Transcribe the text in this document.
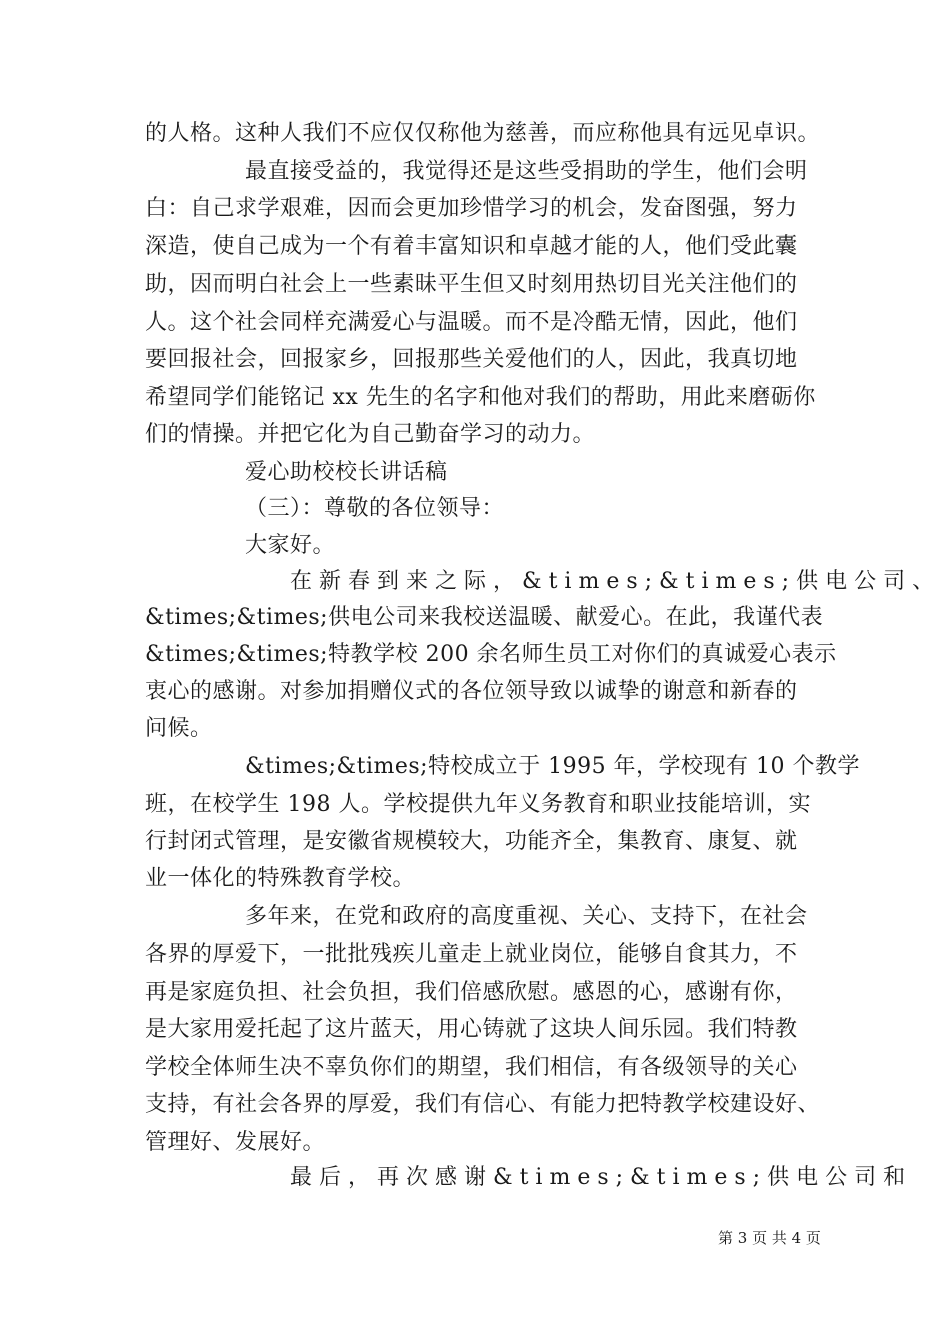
的人格。这种人我们不应仅仅称他为慈善，而应称他具有远见卓识。
最直接受益的，我觉得还是这些受捐助的学生，他们会明
白：自己求学艰难，因而会更加珍惜学习的机会，发奋图强，努力
深造，使自己成为一个有着丰富知识和卓越才能的人，他们受此囊
助，因而明白社会上一些素昧平生但又时刻用热切目光关注他们的
人。这个社会同样充满爱心与温暖。而不是冷酷无情，因此，他们
要回报社会，回报家乡，回报那些关爱他们的人，因此，我真切地
希望同学们能铭记 xx 先生的名字和他对我们的帮助，用此来磨砺你
们的情操。并把它化为自己勤奋学习的动力。
爱心助校校长讲话稿
（三）：尊敬的各位领导：
大家好。
在新春到来之际，&times;&times;供电公司、
&times;&times;供电公司来我校送温暖、献爱心。在此，我谨代表
&times;&times;特教学校 200 余名师生员工对你们的真诚爱心表示
衷心的感谢。对参加捐赠仪式的各位领导致以诚挚的谢意和新春的
问候。
&times;&times;特校成立于 1995 年，学校现有 10 个教学
班，在校学生 198 人。学校提供九年义务教育和职业技能培训，实
行封闭式管理，是安徽省规模较大，功能齐全，集教育、康复、就
业一体化的特殊教育学校。
多年来，在党和政府的高度重视、关心、支持下，在社会
各界的厚爱下，一批批残疾儿童走上就业岗位，能够自食其力，不
再是家庭负担、社会负担，我们倍感欣慰。感恩的心，感谢有你，
是大家用爱托起了这片蓝天，用心铸就了这块人间乐园。我们特教
学校全体师生决不辜负你们的期望，我们相信，有各级领导的关心
支持，有社会各界的厚爱，我们有信心、有能力把特教学校建设好、
管理好、发展好。
最后，再次感谢&times;&times;供电公司和
第 3 页 共 4 页
